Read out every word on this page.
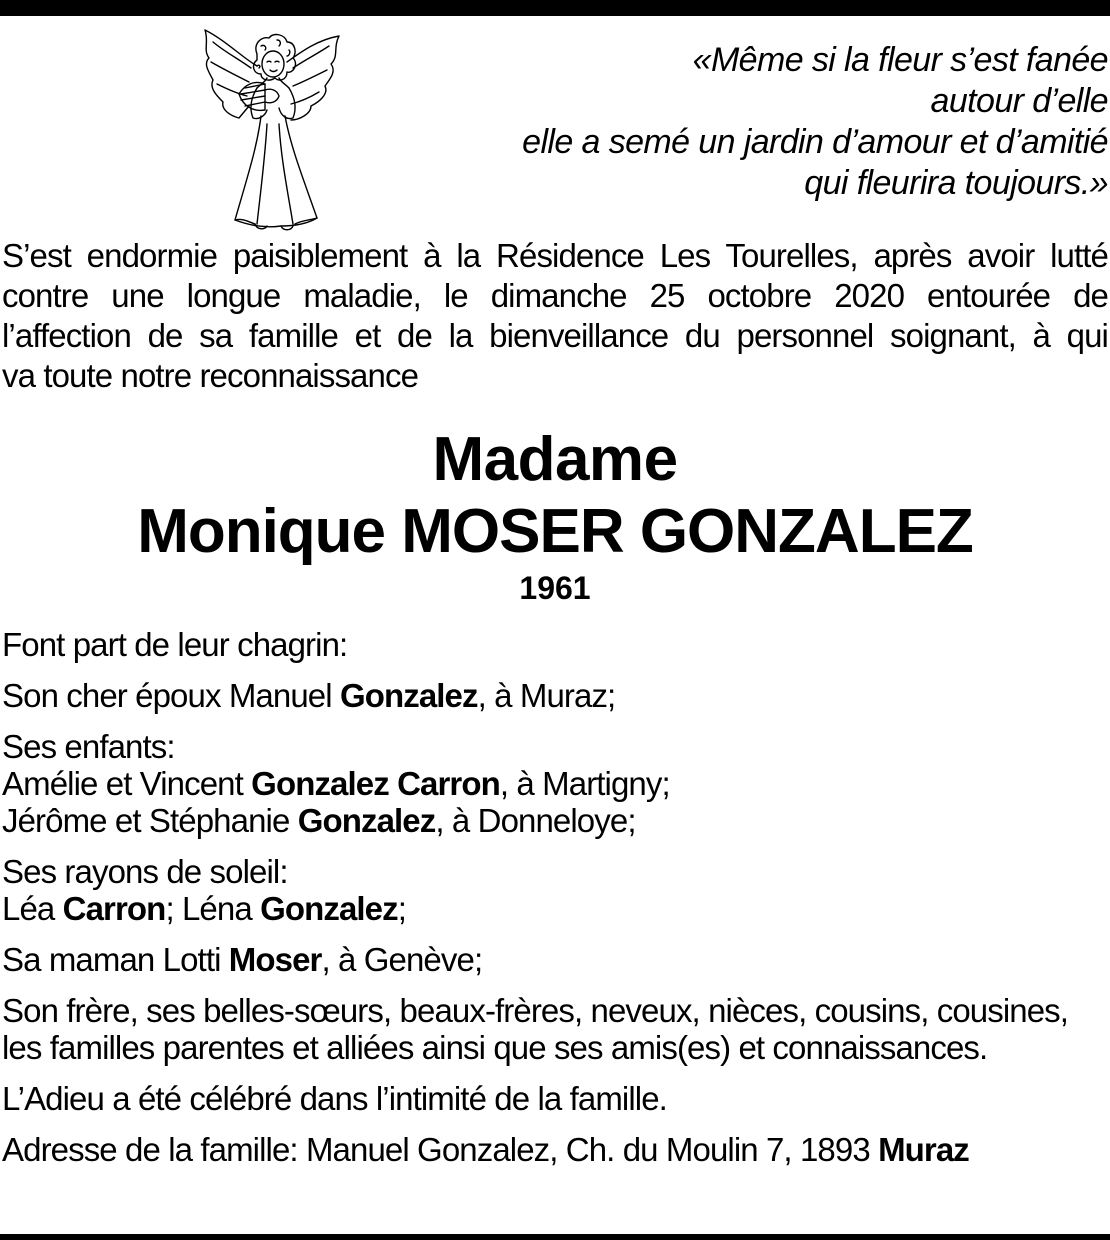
«Même si la fleur s’est fanée
autour d’elle
elle a semé un jardin d’amour et d’amitié
qui fleurira toujours.»
S’est endormie paisiblement à la Résidence Les Tourelles, après avoir lutté
contre une longue maladie, le dimanche 25 octobre 2020 entourée de
l’affection de sa famille et de la bienveillance du personnel soignant, à qui
va toute notre reconnaissance
Madame
Monique MOSER GONZALEZ
1961
Font part de leur chagrin:
Son cher époux Manuel Gonzalez, à Muraz;
Ses enfants:
Amélie et Vincent Gonzalez Carron, à Martigny;
Jérôme et Stéphanie Gonzalez, à Donneloye;
Ses rayons de soleil:
Léa Carron; Léna Gonzalez;
Sa maman Lotti Moser, à Genève;
Son frère, ses belles-sœurs, beaux-frères, neveux, nièces, cousins, cousines,
les familles parentes et alliées ainsi que ses amis(es) et connaissances.
L’Adieu a été célébré dans l’intimité de la famille.
Adresse de la famille: Manuel Gonzalez, Ch. du Moulin 7, 1893 Muraz
